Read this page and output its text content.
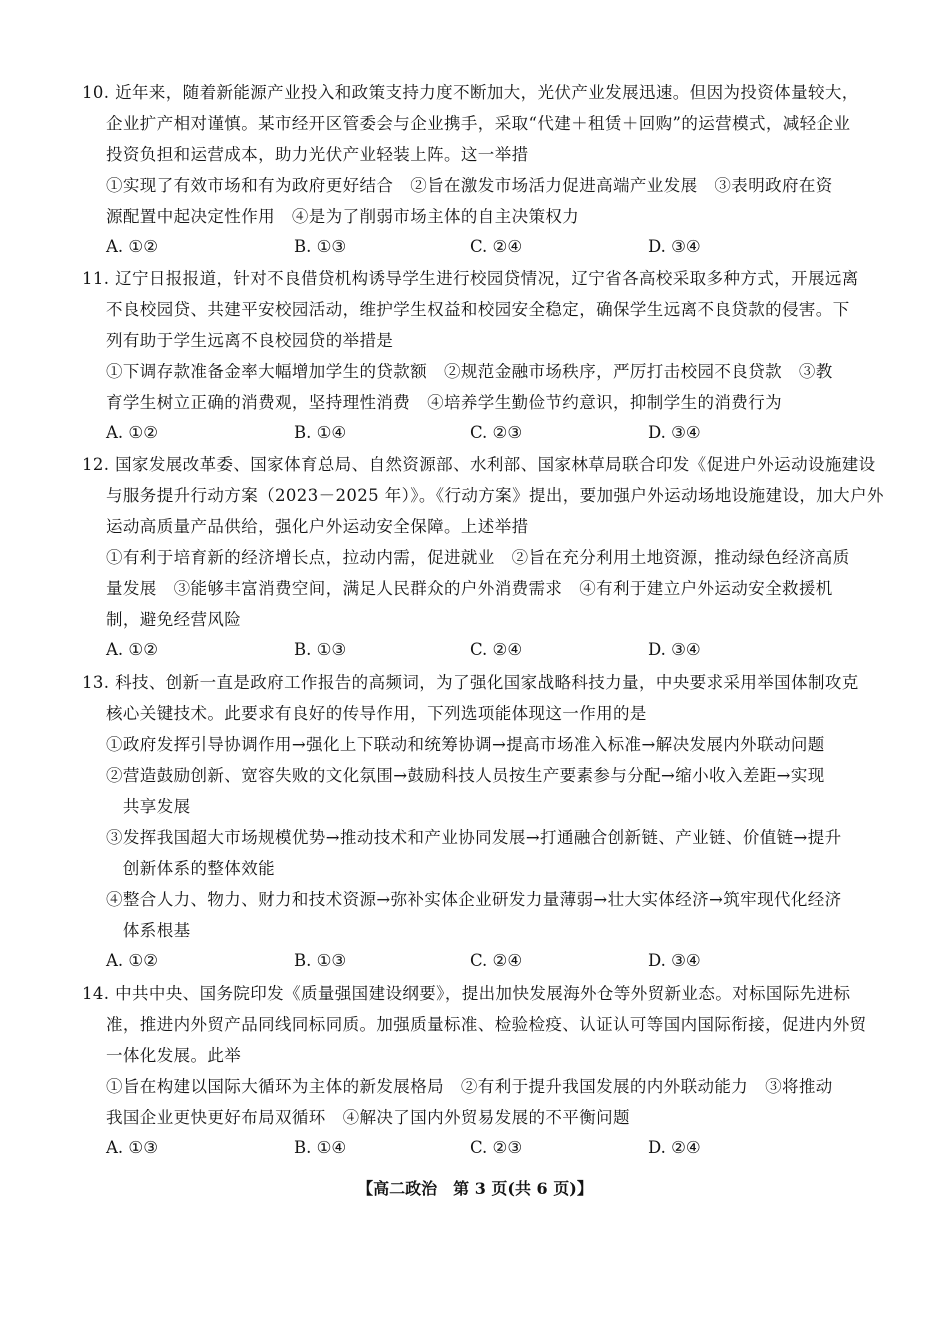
10. 近年来，随着新能源产业投入和政策支持力度不断加大，光伏产业发展迅速。但因为投资体量较大，
企业扩产相对谨慎。某市经开区管委会与企业携手，采取“代建＋租赁＋回购”的运营模式，减轻企业
投资负担和运营成本，助力光伏产业轻装上阵。这一举措
①实现了有效市场和有为政府更好结合　②旨在激发市场活力促进高端产业发展　③表明政府在资
源配置中起决定性作用　④是为了削弱市场主体的自主决策权力
A. ①②	B. ①③	C. ②④	D. ③④
11. 辽宁日报报道，针对不良借贷机构诱导学生进行校园贷情况，辽宁省各高校采取多种方式，开展远离
不良校园贷、共建平安校园活动，维护学生权益和校园安全稳定，确保学生远离不良贷款的侵害。下
列有助于学生远离不良校园贷的举措是
①下调存款准备金率大幅增加学生的贷款额　②规范金融市场秩序，严厉打击校园不良贷款　③教
育学生树立正确的消费观，坚持理性消费　④培养学生勤俭节约意识，抑制学生的消费行为
A. ①②	B. ①④	C. ②③	D. ③④
12. 国家发展改革委、国家体育总局、自然资源部、水利部、国家林草局联合印发《促进户外运动设施建设
与服务提升行动方案（2023－2025 年）》。《行动方案》提出，要加强户外运动场地设施建设，加大户外
运动高质量产品供给，强化户外运动安全保障。上述举措
①有利于培育新的经济增长点，拉动内需，促进就业　②旨在充分利用土地资源，推动绿色经济高质
量发展　③能够丰富消费空间，满足人民群众的户外消费需求　④有利于建立户外运动安全救援机
制，避免经营风险
A. ①②	B. ①③	C. ②④	D. ③④
13. 科技、创新一直是政府工作报告的高频词，为了强化国家战略科技力量，中央要求采用举国体制攻克
核心关键技术。此要求有良好的传导作用，下列选项能体现这一作用的是
①政府发挥引导协调作用→强化上下联动和统筹协调→提高市场准入标准→解决发展内外联动问题
②营造鼓励创新、宽容失败的文化氛围→鼓励科技人员按生产要素参与分配→缩小收入差距→实现
　共享发展
③发挥我国超大市场规模优势→推动技术和产业协同发展→打通融合创新链、产业链、价值链→提升
　创新体系的整体效能
④整合人力、物力、财力和技术资源→弥补实体企业研发力量薄弱→壮大实体经济→筑牢现代化经济
　体系根基
A. ①②	B. ①③	C. ②④	D. ③④
14. 中共中央、国务院印发《质量强国建设纲要》，提出加快发展海外仓等外贸新业态。对标国际先进标
准，推进内外贸产品同线同标同质。加强质量标准、检验检疫、认证认可等国内国际衔接，促进内外贸
一体化发展。此举
①旨在构建以国际大循环为主体的新发展格局　②有利于提升我国发展的内外联动能力　③将推动
我国企业更快更好布局双循环　④解决了国内外贸易发展的不平衡问题
A. ①③	B. ①④	C. ②③	D. ②④
【高二政治　第 3 页(共 6 页)】
